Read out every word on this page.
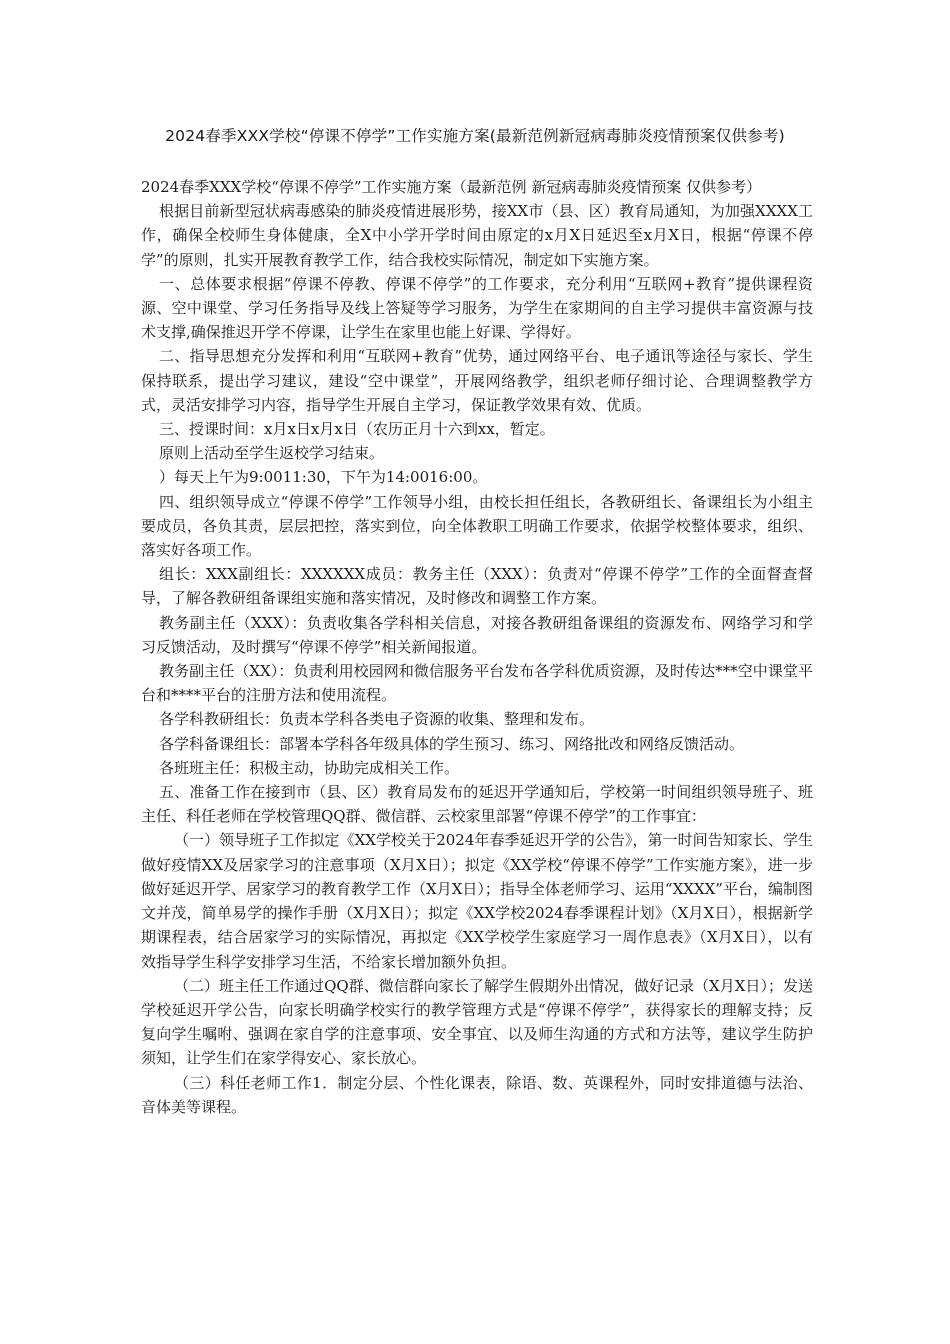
2024春季XXX学校“停课不停学”工作实施方案(最新范例新冠病毒肺炎疫情预案仅供参考)

2024春季XXX学校“停课不停学”工作实施方案（最新范例 新冠病毒肺炎疫情预案 仅供参考）

根据目前新型冠状病毒感染的肺炎疫情进展形势，接XX市（县、区）教育局通知，为加强XXXX工作，确保全校师生身体健康，全X中小学开学时间由原定的x月X日延迟至x月X日，根据“停课不停学”的原则，扎实开展教育教学工作，结合我校实际情况，制定如下实施方案。

一、总体要求根据“停课不停教、停课不停学”的工作要求，充分利用“互联网+教育”提供课程资源、空中课堂、学习任务指导及线上答疑等学习服务，为学生在家期间的自主学习提供丰富资源与技术支撑,确保推迟开学不停课，让学生在家里也能上好课、学得好。

二、指导思想充分发挥和利用“互联网+教育”优势，通过网络平台、电子通讯等途径与家长、学生保持联系，提出学习建议，建设“空中课堂”，开展网络教学，组织老师仔细讨论、合理调整教学方式，灵活安排学习内容，指导学生开展自主学习，保证教学效果有效、优质。

三、授课时间：x月x日x月x日（农历正月十六到xx，暂定。

原则上活动至学生返校学习结束。

）每天上午为9:0011:30，下午为14:0016:00。

四、组织领导成立“停课不停学”工作领导小组，由校长担任组长，各教研组长、备课组长为小组主要成员，各负其责，层层把控，落实到位，向全体教职工明确工作要求，依据学校整体要求，组织、落实好各项工作。

组长：XXX副组长：XXXXXX成员：教务主任（XXX）：负责对“停课不停学”工作的全面督查督导，了解各教研组备课组实施和落实情况，及时修改和调整工作方案。

教务副主任（XXX）：负责收集各学科相关信息，对接各教研组备课组的资源发布、网络学习和学习反馈活动，及时撰写“停课不停学”相关新闻报道。

教务副主任（XX）：负责利用校园网和微信服务平台发布各学科优质资源，及时传达***空中课堂平台和****平台的注册方法和使用流程。

各学科教研组长：负责本学科各类电子资源的收集、整理和发布。

各学科备课组长：部署本学科各年级具体的学生预习、练习、网络批改和网络反馈活动。

各班班主任：积极主动，协助完成相关工作。

五、准备工作在接到市（县、区）教育局发布的延迟开学通知后，学校第一时间组织领导班子、班主任、科任老师在学校管理QQ群、微信群、云校家里部署“停课不停学”的工作事宜：

（一）领导班子工作拟定《XX学校关于2024年春季延迟开学的公告》，第一时间告知家长、学生做好疫情XX及居家学习的注意事项（X月X日）；拟定《XX学校“停课不停学”工作实施方案》，进一步做好延迟开学、居家学习的教育教学工作（X月X日）；指导全体老师学习、运用“XXXX”平台，编制图文并茂，简单易学的操作手册（X月X日）；拟定《XX学校2024春季课程计划》（X月X日），根据新学期课程表，结合居家学习的实际情况，再拟定《XX学校学生家庭学习一周作息表》（X月X日），以有效指导学生科学安排学习生活，不给家长增加额外负担。

（二）班主任工作通过QQ群、微信群向家长了解学生假期外出情况，做好记录（X月X日）；发送学校延迟开学公告，向家长明确学校实行的教学管理方式是“停课不停学”，获得家长的理解支持；反复向学生嘱咐、强调在家自学的注意事项、安全事宜、以及师生沟通的方式和方法等，建议学生防护须知，让学生们在家学得安心、家长放心。

（三）科任老师工作1．制定分层、个性化课表，除语、数、英课程外，同时安排道德与法治、音体美等课程。
